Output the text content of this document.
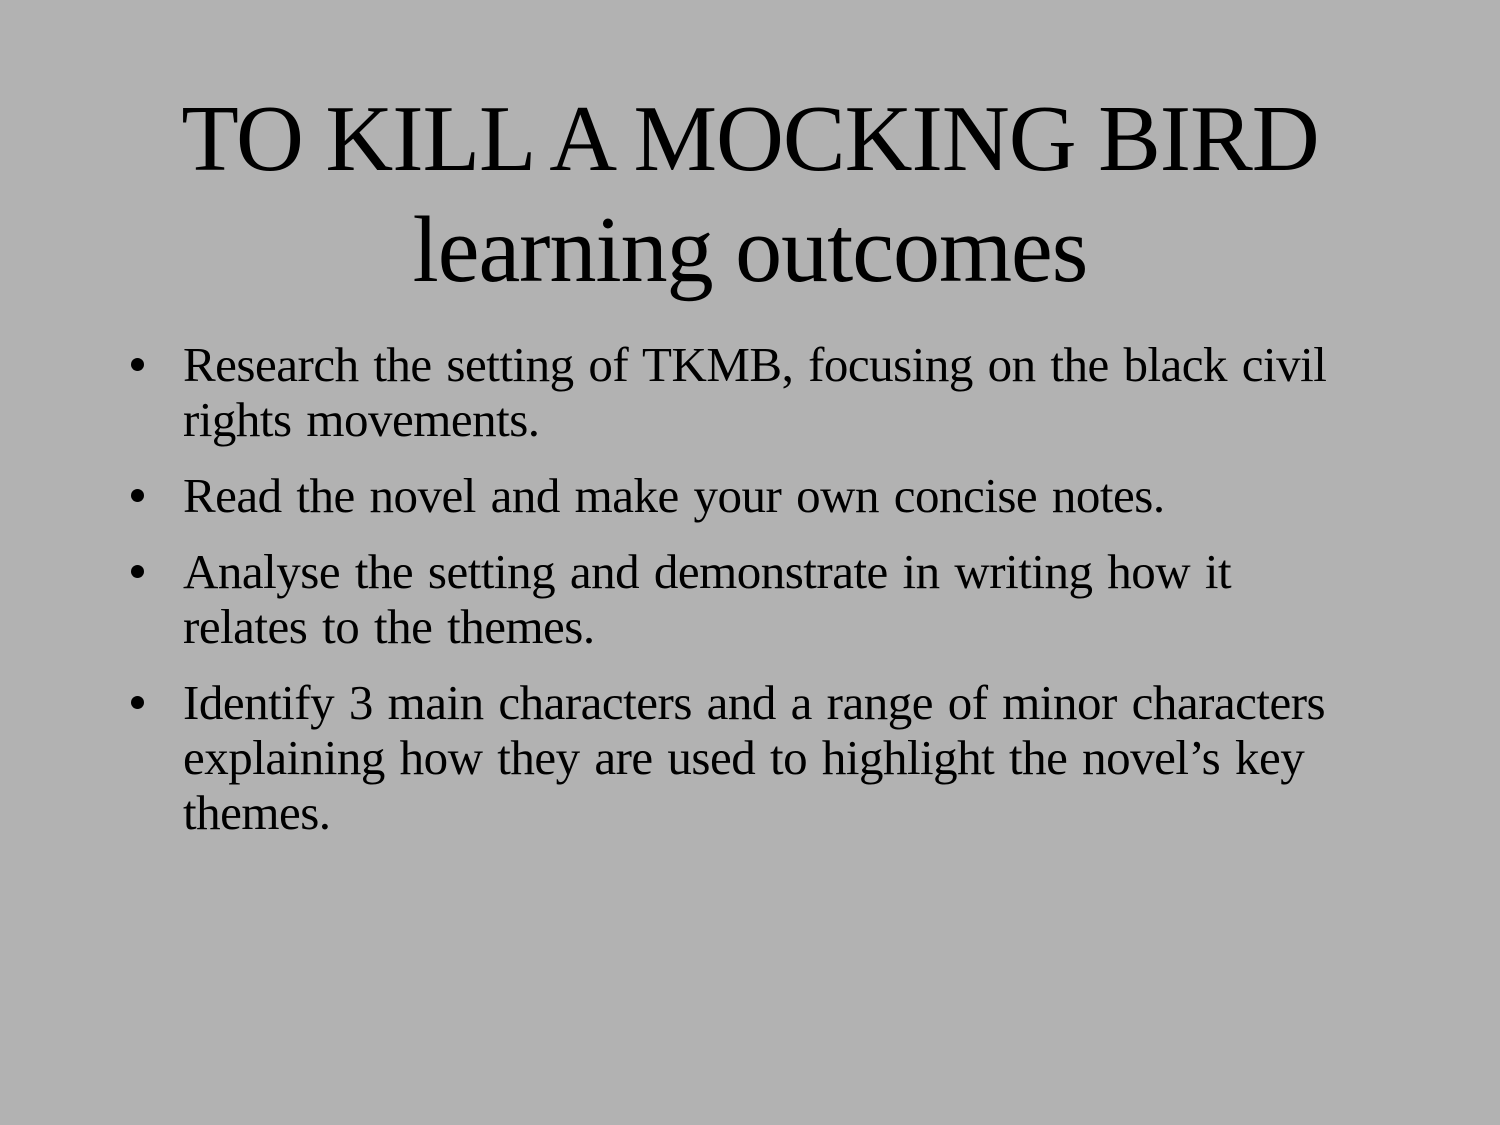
TO KILL A MOCKING BIRD
learning outcomes
Research the setting of TKMB, focusing on the black civil
rights movements.
Read the novel and make your own concise notes.
Analyse the setting and demonstrate in writing how it
relates to the themes.
Identify 3 main characters and a range of minor characters
explaining how they are used to highlight the novel’s key
themes.
